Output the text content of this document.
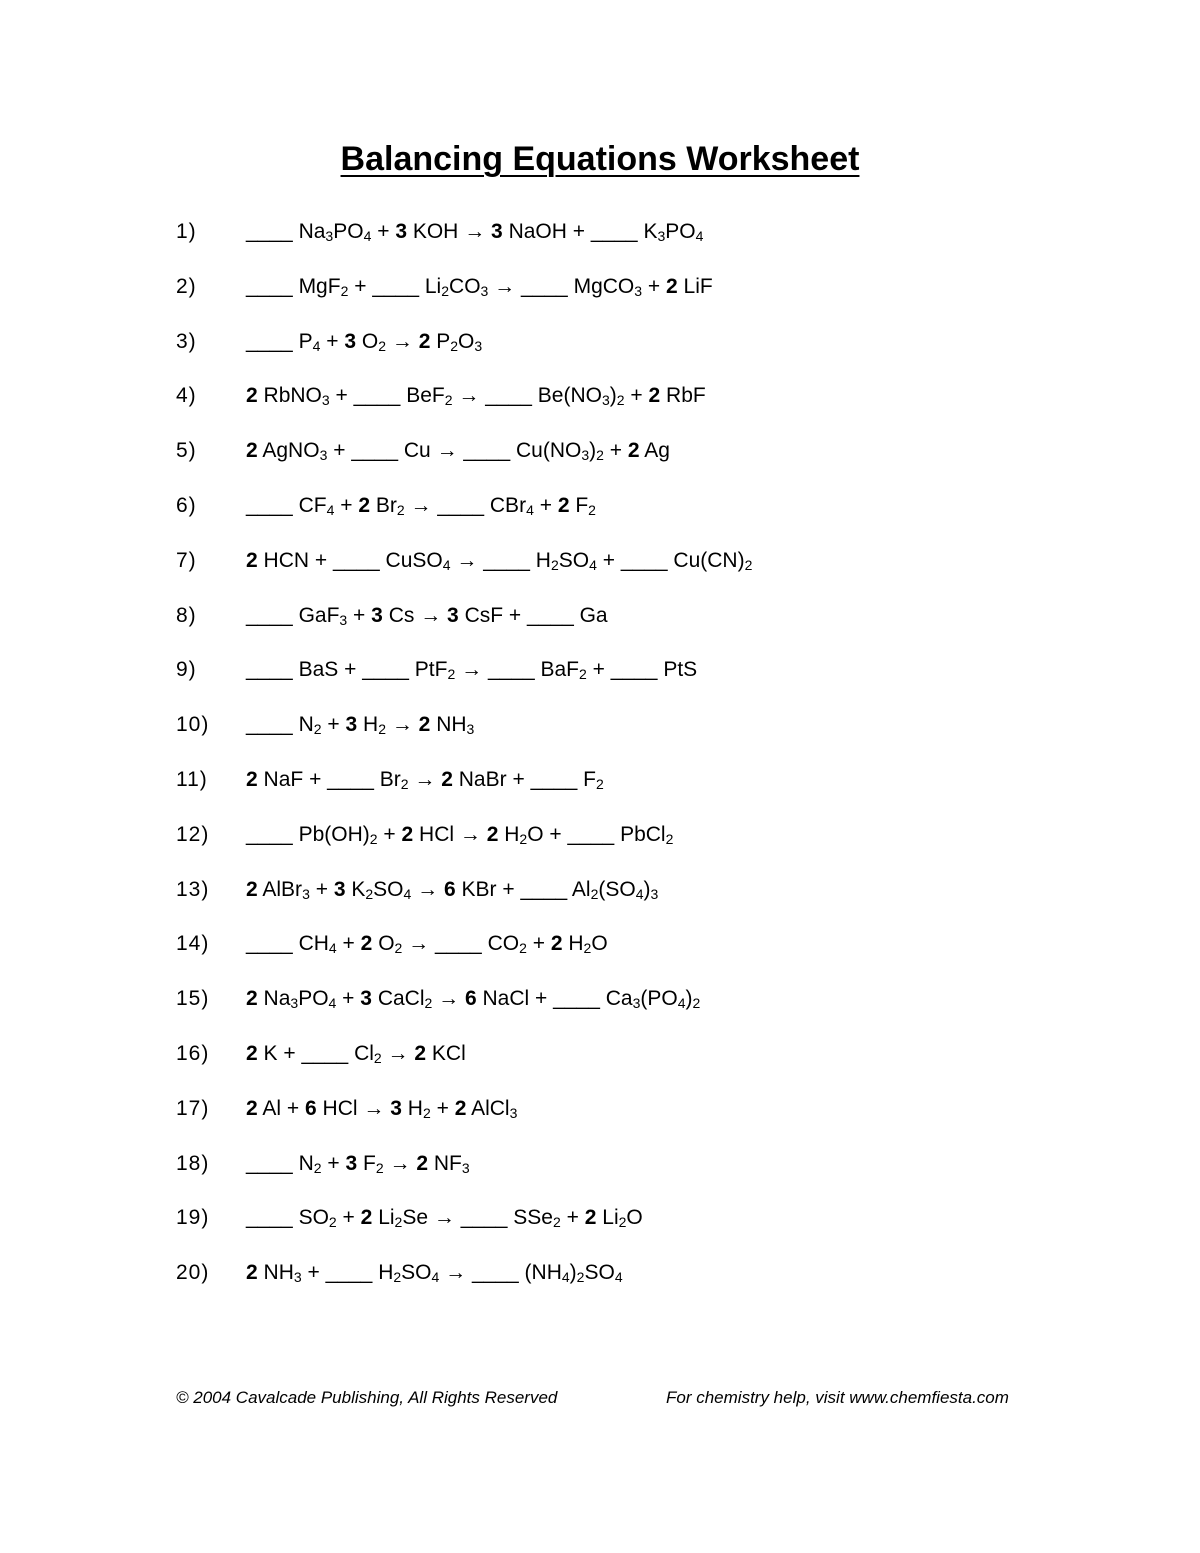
Balancing Equations Worksheet
1) ____ $Na_3PO_4 + 3$ KOH → 3 NaOH + ____ $K_3PO_4$
2) ____ MgF$_2$ + ____ $Li_2CO_3$ → ____ MgCO$_3$ + 2 LiF
3) ____ $P_4 + 3$ $O_2 \to 2$ $P_2O_3$
4) 2 RbNO$_3$ + ____ BeF$_2$ → ____ $Be(NO_3)_2 + 2$ RbF
5) 2 AgNO$_3$ + ____ Cu → ____ $Cu(NO_3)_2 + 2$ Ag
6) ____ $CF_4 + 2$ $Br_2$ → ____ CBr$_4$ + 2 $F_2$
7) 2 HCN + ____ CuSO$_4$ → ____ $H_2SO_4$ + ____ $Cu(CN)_2$
8) ____ GaF$_3$ + 3 Cs → 3 CsF + ____ Ga
9) ____ BaS + ____ PtF$_2$ → ____ BaF$_2$ + ____ PtS
10) ____ $N_2 + 3$ $H_2 \to 2$ $NH_3$
11) 2 NaF + ____ $Br_2 \to 2$ NaBr + ____ $F_2$
12) ____ $Pb(OH)_2 + 2$ HCl → 2 $H_2O$ + ____ PbCl$_2$
13) 2 AlBr$_3$ + 3 $K_2SO_4 \to 6$ KBr + ____ $Al_2(SO_4)_3$
14) ____ $CH_4 + 2$ $O_2$ → ____ $CO_2 + 2$ $H_2O$
15) 2 $Na_3PO_4 + 3$ CaCl$_2$ → 6 NaCl + ____ $Ca_3(PO_4)_2$
16) 2 K + ____ $Cl_2 \to 2$ KCl
17) 2 Al + 6 HCl → 3 $H_2 + 2$ AlCl$_3$
18) ____ $N_2 + 3$ $F_2 \to 2$ $NF_3$
19) ____ $SO_2 + 2$ $Li_2Se$ → ____ SSe$_2$ + 2 $Li_2O$
20) 2 $NH_3$ + ____ $H_2SO_4$ → ____ $(NH_4)_2SO_4$
© 2004 Cavalcade Publishing, All Rights Reserved	For chemistry help, visit www.chemfiesta.com
